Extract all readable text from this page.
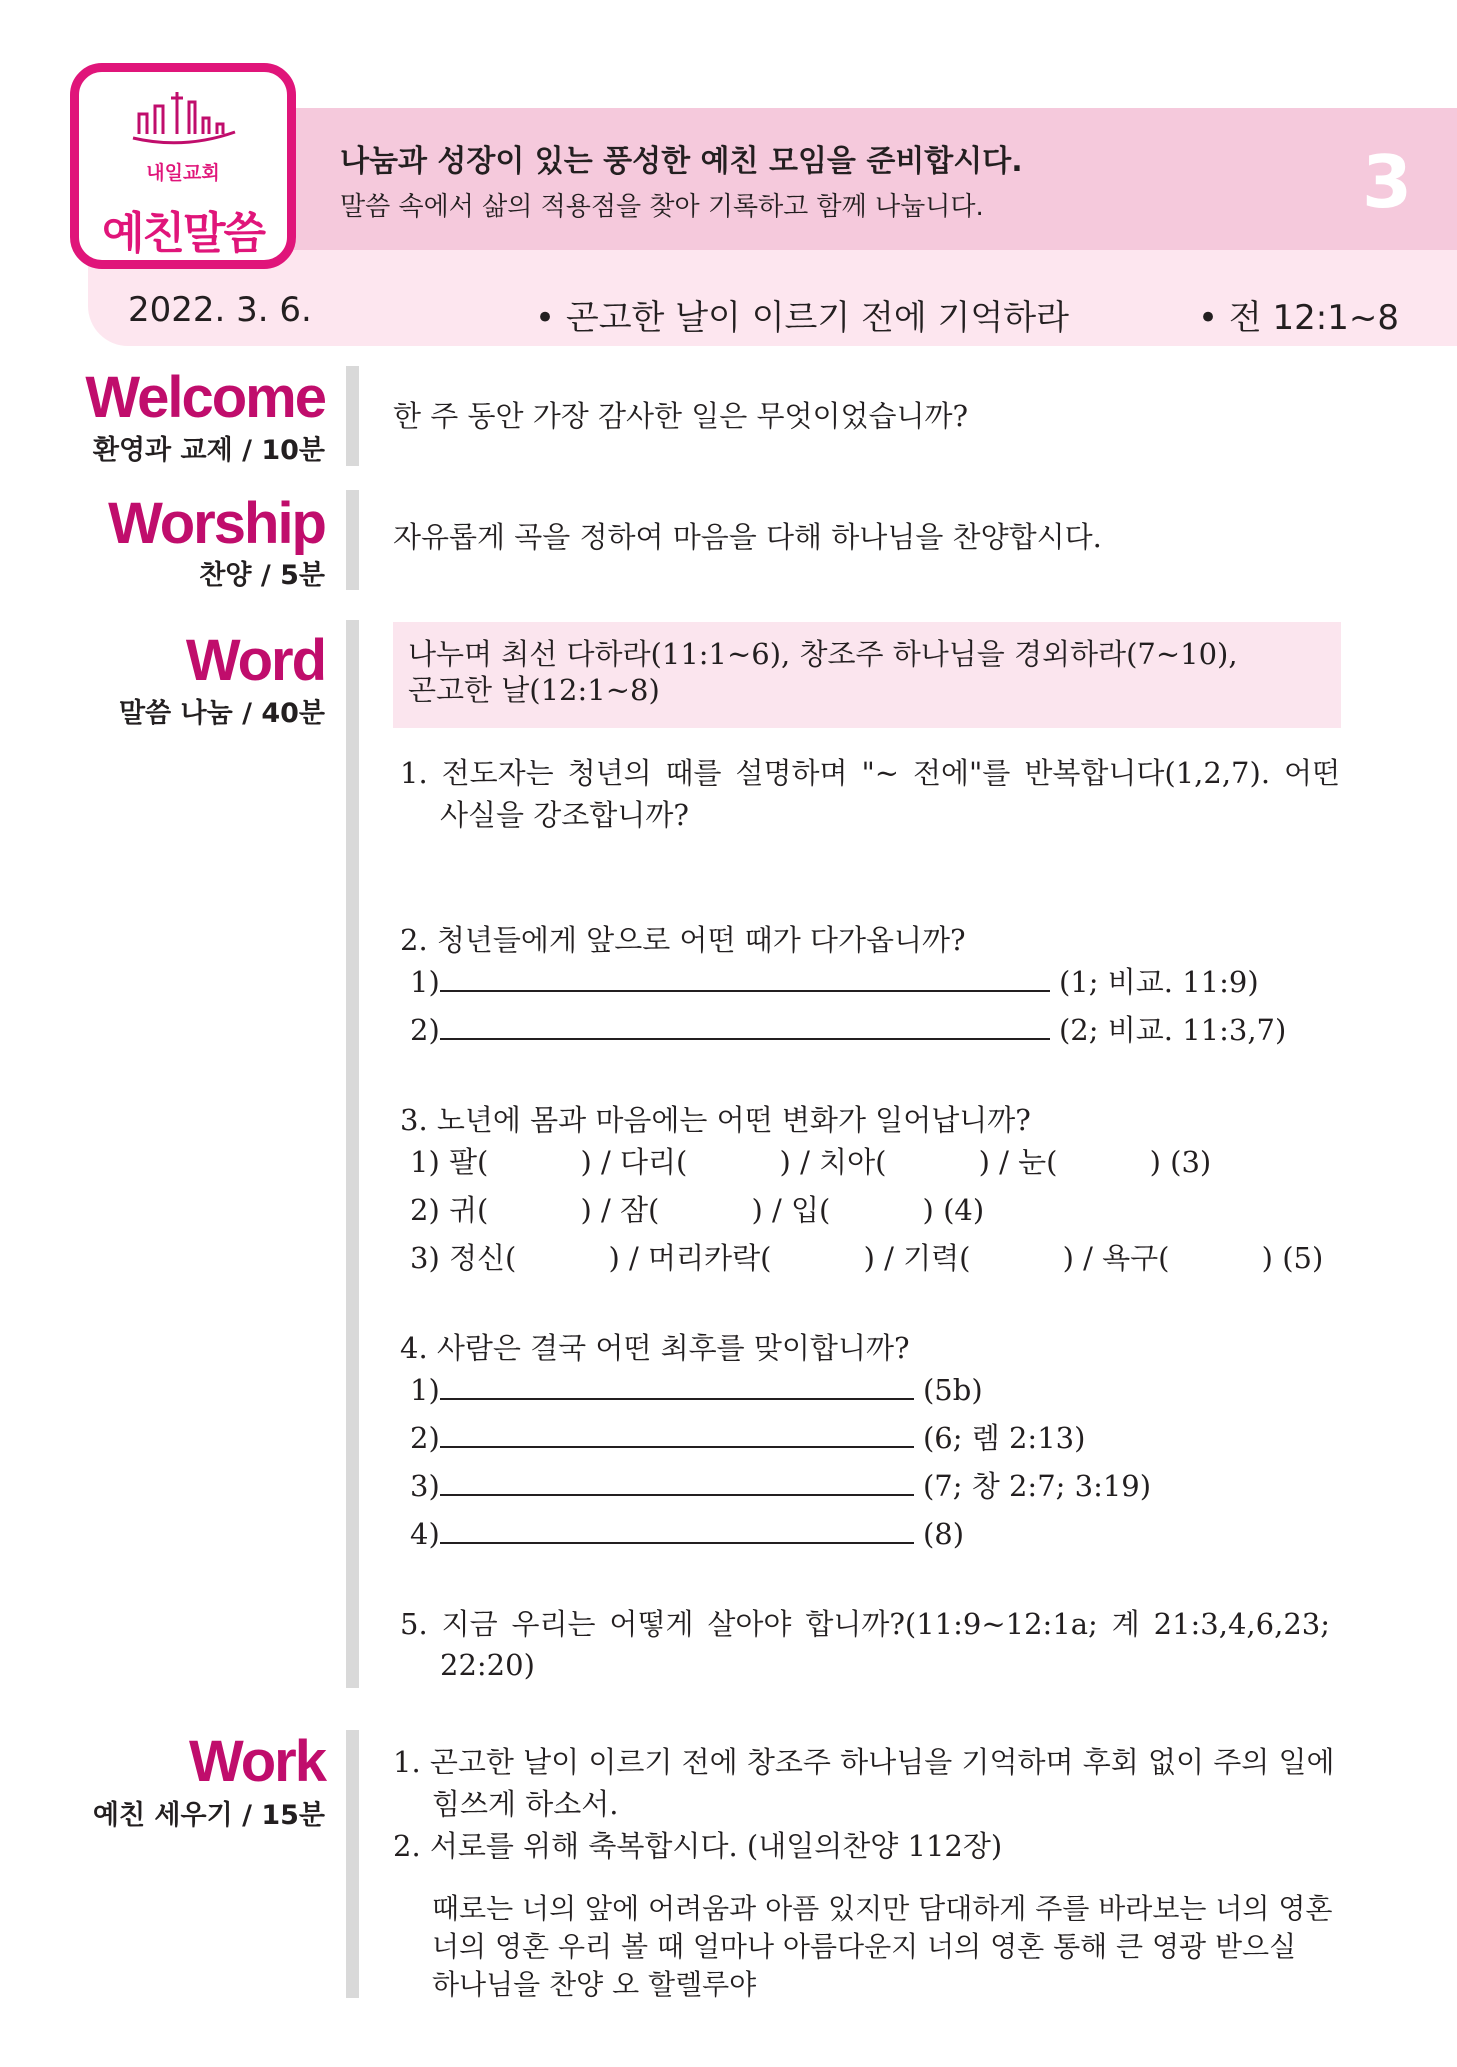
내일교회
예친말씀
나눔과 성장이 있는 풍성한 예친 모임을 준비합시다.
말씀 속에서 삶의 적용점을 찾아 기록하고 함께 나눕니다.	3
2022. 3. 6.	• 곤고한 날이 이르기 전에 기억하라	• 전 12:1~8
Welcome
환영과 교제 / 10분
한 주 동안 가장 감사한 일은 무엇이었습니까?
Worship
찬양 / 5분
자유롭게 곡을 정하여 마음을 다해 하나님을 찬양합시다.
Word
말씀 나눔 / 40분
나누며 최선 다하라(11:1~6), 창조주 하나님을 경외하라(7~10),
곤고한 날(12:1~8)
1. 전도자는 청년의 때를 설명하며 "~ 전에"를 반복합니다(1,2,7). 어떤
사실을 강조합니까?
2. 청년들에게 앞으로 어떤 때가 다가옵니까?
1)	(1; 비교. 11:9)
2)	(2; 비교. 11:3,7)
3. 노년에 몸과 마음에는 어떤 변화가 일어납니까?
1) 팔(          ) / 다리(          ) / 치아(          ) / 눈(          ) (3)
2) 귀(          ) / 잠(          ) / 입(          ) (4)
3) 정신(          ) / 머리카락(          ) / 기력(          ) / 욕구(          ) (5)
4. 사람은 결국 어떤 최후를 맞이합니까?
1)	(5b)
2)	(6; 렘 2:13)
3)	(7; 창 2:7; 3:19)
4)	(8)
5. 지금 우리는 어떻게 살아야 합니까?(11:9~12:1a; 계 21:3,4,6,23;
22:20)
Work
예친 세우기 / 15분
1. 곤고한 날이 이르기 전에 창조주 하나님을 기억하며 후회 없이 주의 일에
힘쓰게 하소서.
2. 서로를 위해 축복합시다. (내일의찬양 112장)
때로는 너의 앞에 어려움과 아픔 있지만 담대하게 주를 바라보는 너의 영혼
너의 영혼 우리 볼 때 얼마나 아름다운지 너의 영혼 통해 큰 영광 받으실
하나님을 찬양 오 할렐루야
